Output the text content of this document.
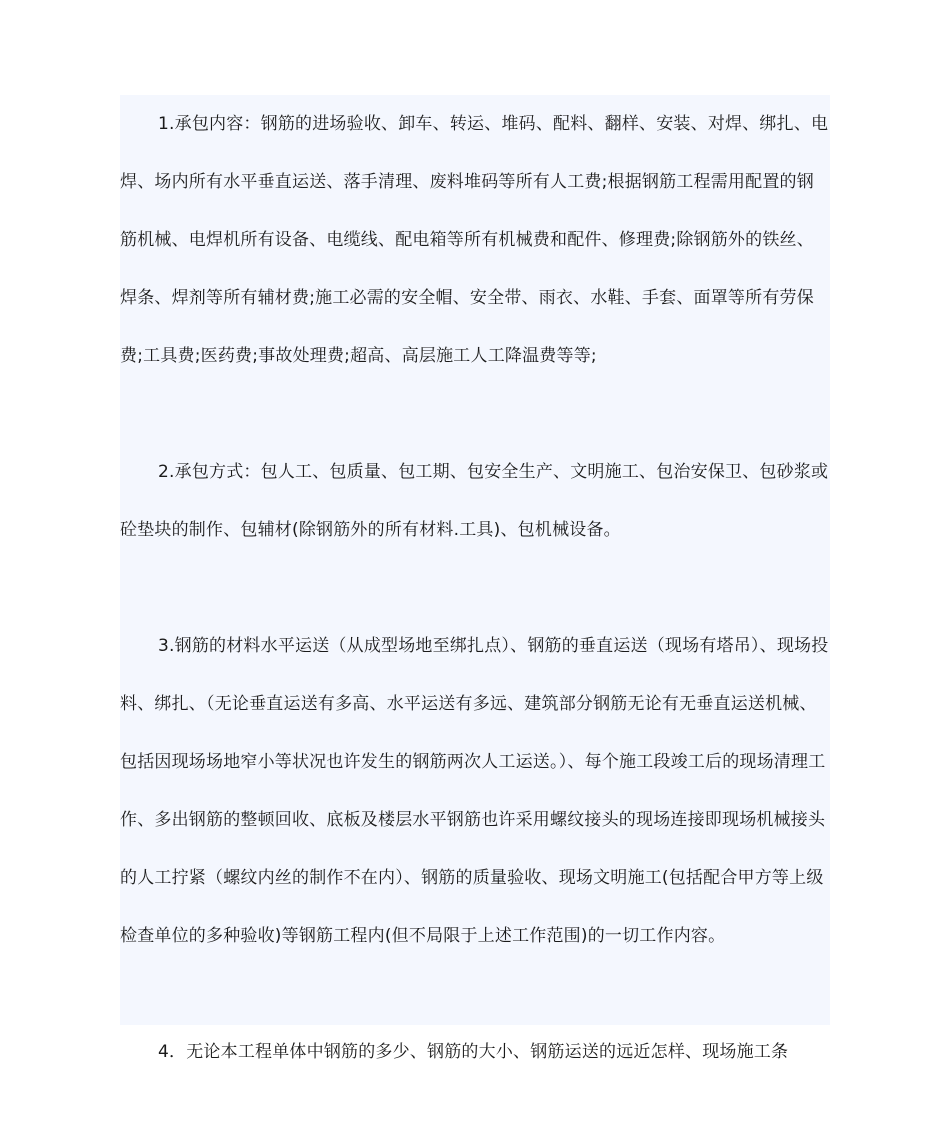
1.承包内容：钢筋的进场验收、卸车、转运、堆码、配料、翻样、安装、对焊、绑扎、电焊、场内所有水平垂直运送、落手清理、废料堆码等所有人工费;根据钢筋工程需用配置的钢筋机械、电焊机所有设备、电缆线、配电箱等所有机械费和配件、修理费;除钢筋外的铁丝、焊条、焊剂等所有辅材费;施工必需的安全帽、安全带、雨衣、水鞋、手套、面罩等所有劳保费;工具费;医药费;事故处理费;超高、高层施工人工降温费等等;

2.承包方式：包人工、包质量、包工期、包安全生产、文明施工、包治安保卫、包砂浆或砼垫块的制作、包辅材(除钢筋外的所有材料.工具)、包机械设备。

3.钢筋的材料水平运送（从成型场地至绑扎点）、钢筋的垂直运送（现场有塔吊）、现场投料、绑扎、（无论垂直运送有多高、水平运送有多远、建筑部分钢筋无论有无垂直运送机械、包括因现场场地窄小等状况也许发生的钢筋两次人工运送。）、每个施工段竣工后的现场清理工作、多出钢筋的整顿回收、底板及楼层水平钢筋也许采用螺纹接头的现场连接即现场机械接头的人工拧紧（螺纹内丝的制作不在内）、钢筋的质量验收、现场文明施工(包括配合甲方等上级检查单位的多种验收)等钢筋工程内(但不局限于上述工作范围)的一切工作内容。

4．无论本工程单体中钢筋的多少、钢筋的大小、钢筋运送的远近怎样、现场施工条
